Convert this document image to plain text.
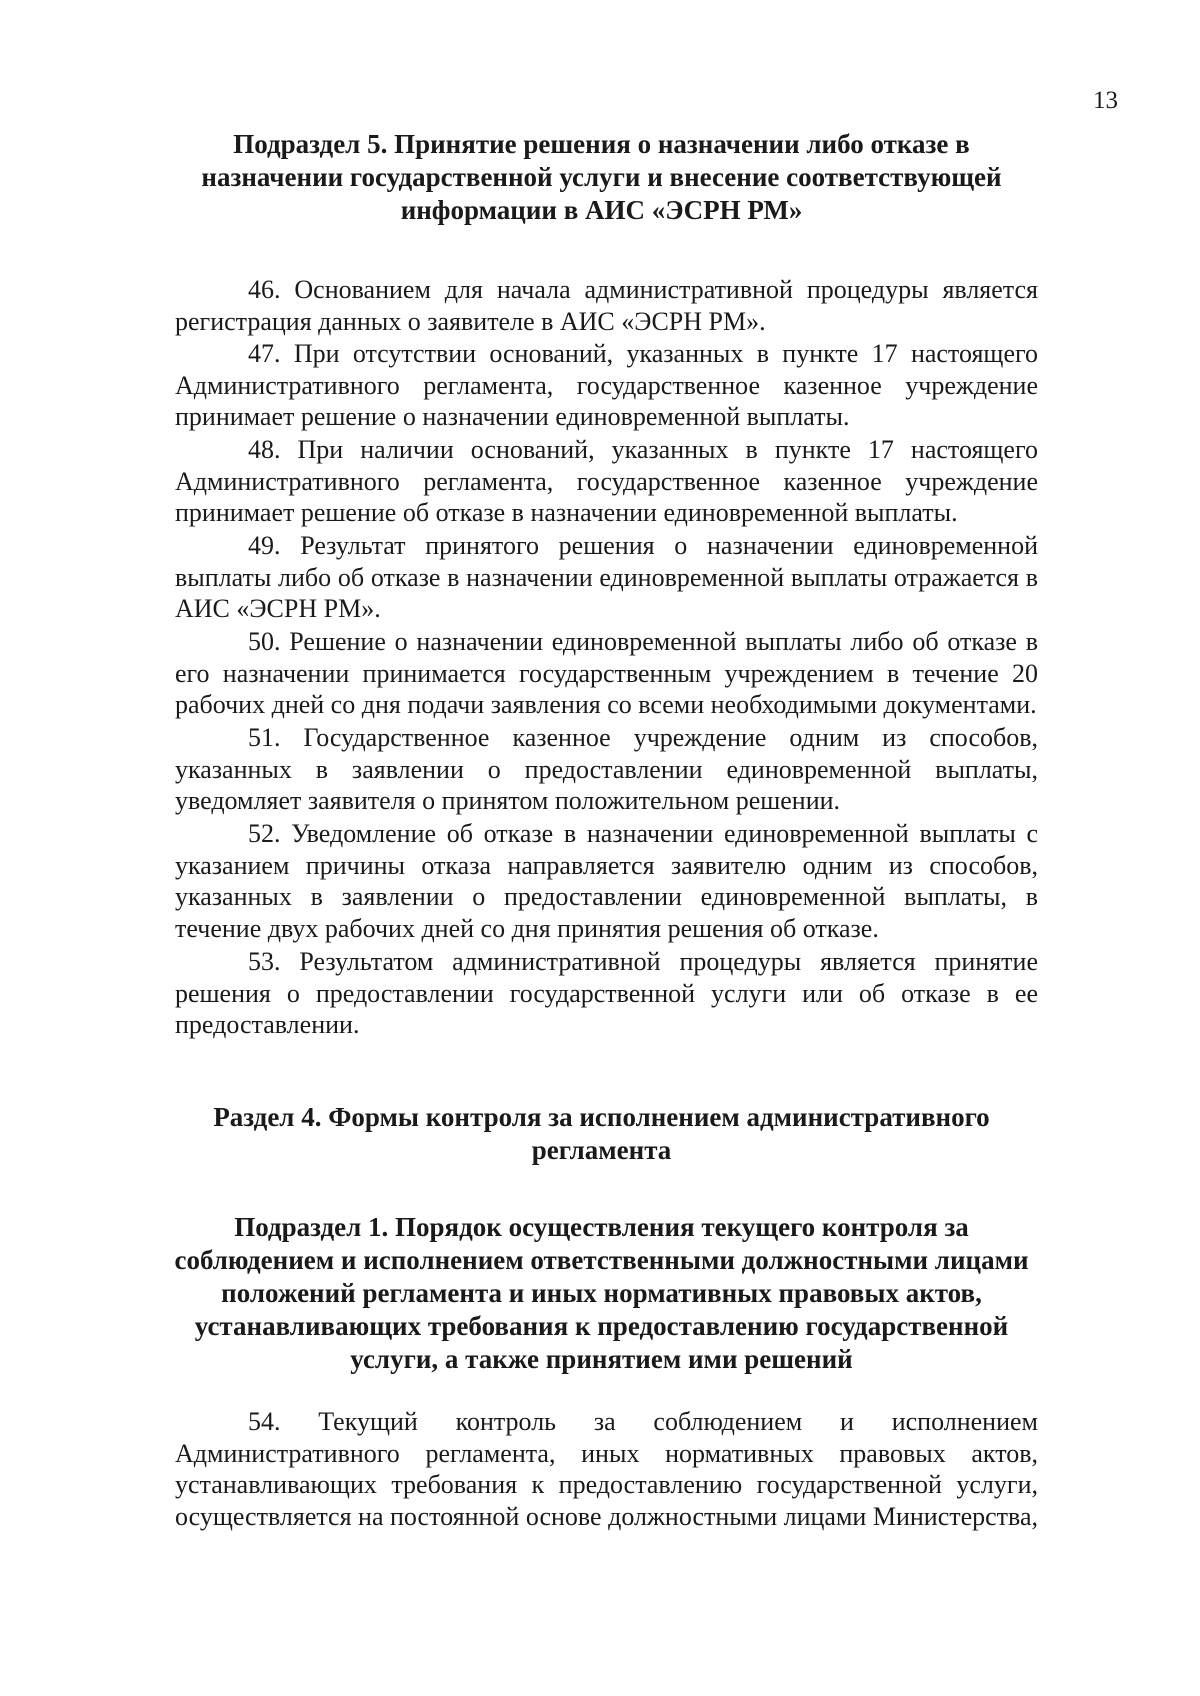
13
Подраздел 5. Принятие решения о назначении либо отказе в назначении государственной услуги и внесение соответствующей информации в АИС «ЭСРН РМ»

46. Основанием для начала административной процедуры является регистрация данных о заявителе в АИС «ЭСРН РМ».

47. При отсутствии оснований, указанных в пункте 17 настоящего Административного регламента, государственное казенное учреждение принимает решение о назначении единовременной выплаты.

48. При наличии оснований, указанных в пункте 17 настоящего Административного регламента, государственное казенное учреждение принимает решение об отказе в назначении единовременной выплаты.

49. Результат принятого решения о назначении единовременной выплаты либо об отказе в назначении единовременной выплаты отражается в АИС «ЭСРН РМ».

50. Решение о назначении единовременной выплаты либо об отказе в его назначении принимается государственным учреждением в течение 20 рабочих дней со дня подачи заявления со всеми необходимыми документами.

51. Государственное казенное учреждение одним из способов, указанных в заявлении о предоставлении единовременной выплаты, уведомляет заявителя о принятом положительном решении.

52. Уведомление об отказе в назначении единовременной выплаты с указанием причины отказа направляется заявителю одним из способов, указанных в заявлении о предоставлении единовременной выплаты, в течение двух рабочих дней со дня принятия решения об отказе.

53. Результатом административной процедуры является принятие решения о предоставлении государственной услуги или об отказе в ее предоставлении.

Раздел 4. Формы контроля за исполнением административного регламента
Подраздел 1. Порядок осуществления текущего контроля за соблюдением и исполнением ответственными должностными лицами положений регламента и иных нормативных правовых актов, устанавливающих требования к предоставлению государственной услуги, а также принятием ими решений

54. Текущий контроль за соблюдением и исполнением Административного регламента, иных нормативных правовых актов, устанавливающих требования к предоставлению государственной услуги, осуществляется на постоянной основе должностными лицами Министерства,
